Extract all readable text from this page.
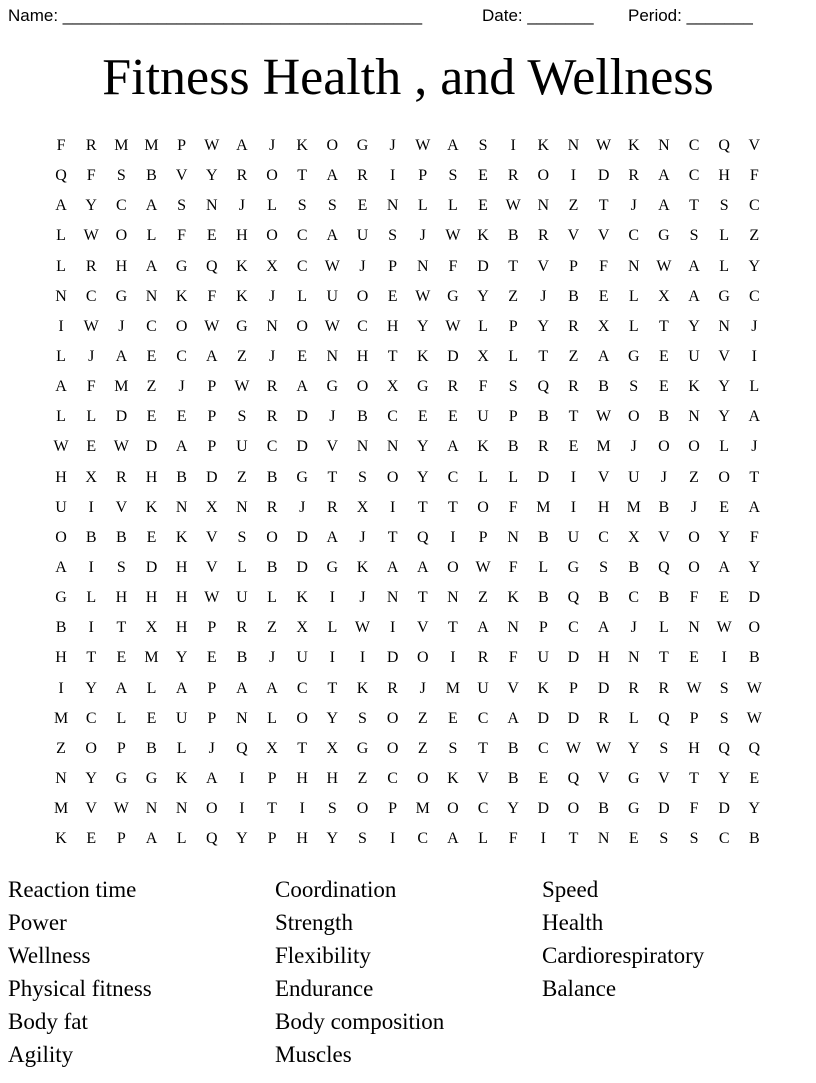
Name: ______________________________________	Date: _______ Period: _______
Fitness Health , and Wellness
F	R	M M	P	W	A	J	K	O	G	J	W	A	S	I	K	N	W	K	N	C	Q	V
Q	F	S	B	V	Y	R	O	T	A	R	I	P	S	E	R	O	I	D	R	A	C	H	F
A	Y	C	A	S	N	J	L	S	S	E	N	L	L	E	W	N	Z	T	J	A	T	S	C
L	W	O	L	F	E	H	O	C	A	U	S	J	W	K	B	R	V	V	C	G	S	L	Z
L	R	H	A	G	Q	K	X	C	W	J	P	N	F	D	T	V	P	F	N	W	A	L	Y
N	C	G	N	K	F	K	J	L	U	O	E	W	G	Y	Z	J	B	E	L	X	A	G	C
I	W	J	C	O	W	G	N	O	W	C	H	Y	W	L	P	Y	R	X	L	T	Y	N	J
L	J	A	E	C	A	Z	J	E	N	H	T	K	D	X	L	T	Z	A	G	E	U	V	I
A	F	M	Z	J	P	W	R	A	G	O	X	G	R	F	S	Q	R	B	S	E	K	Y	L
L	L	D	E	E	P	S	R	D	J	B	C	E	E	U	P	B	T	W	O	B	N	Y	A
W	E	W	D	A	P	U	C	D	V	N	N	Y	A	K	B	R	E	M	J	O	O	L	J
H	X	R	H	B	D	Z	B	G	T	S	O	Y	C	L	L	D	I	V	U	J	Z	O	T
U	I	V	K	N	X	N	R	J	R	X	I	T	T	O	F	M	I	H	M	B	J	E	A
O	B	B	E	K	V	S	O	D	A	J	T	Q	I	P	N	B	U	C	X	V	O	Y	F
A	I	S	D	H	V	L	B	D	G	K	A	A	O	W	F	L	G	S	B	Q	O	A	Y
G	L	H	H	H	W	U	L	K	I	J	N	T	N	Z	K	B	Q	B	C	B	F	E	D
B	I	T	X	H	P	R	Z	X	L	W	I	V	T	A	N	P	C	A	J	L	N	W	O
H	T	E	M	Y	E	B	J	U	I	I	D	O	I	R	F	U	D	H	N	T	E	I	B
I	Y	A	L	A	P	A	A	C	T	K	R	J	M	U	V	K	P	D	R	R	W	S	W
M	C	L	E	U	P	N	L	O	Y	S	O	Z	E	C	A	D	D	R	L	Q	P	S	W
Z	O	P	B	L	J	Q	X	T	X	G	O	Z	S	T	B	C	W W	Y	S	H	Q	Q
N	Y	G	G	K	A	I	P	H	H	Z	C	O	K	V	B	E	Q	V	G	V	T	Y	E
M	V	W	N	N	O	I	T	I	S	O	P	M	O	C	Y	D	O	B	G	D	F	D	Y
K	E	P	A	L	Q	Y	P	H	Y	S	I	C	A	L	F	I	T	N	E	S	S	C	B
Reaction time
Power
Wellness
Physical fitness
Body fat
Agility
Coordination
Strength
Flexibility
Endurance
Body composition
Muscles
Speed
Health
Cardiorespiratory
Balance
